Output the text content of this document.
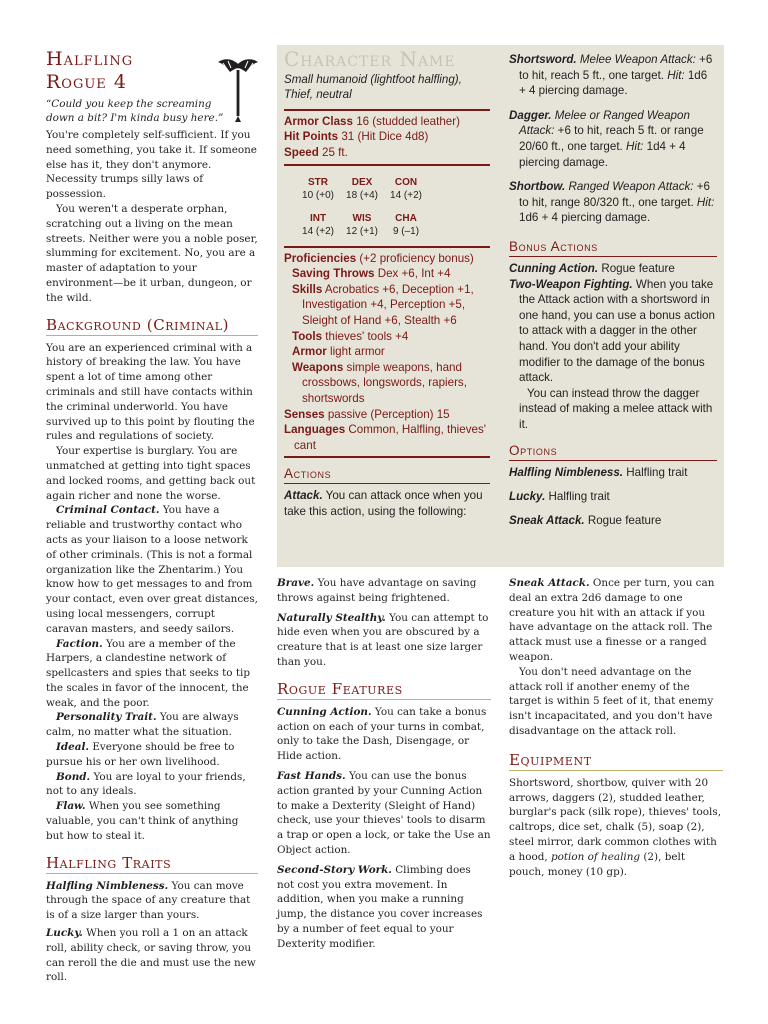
Halfling
Rogue 4
“Could you keep the screaming
down a bit? I'm kinda busy here.”

You're completely self-sufficient. If you need something, you take it. If someone else has it, they don't anymore. Necessity trumps silly laws of possession.

You weren't a desperate orphan, scratching out a living on the mean streets. Neither were you a noble poser, slumming for excitement. No, you are a master of adaptation to your environment—be it urban, dungeon, or the wild.

Background (Criminal)

You are an experienced criminal with a history of breaking the law. You have spent a lot of time among other criminals and still have contacts within the criminal underworld. You have survived up to this point by flouting the rules and regulations of society.

Your expertise is burglary. You are unmatched at getting into tight spaces and locked rooms, and getting back out again richer and none the worse.

Criminal Contact. You have a reliable and trustworthy contact who acts as your liaison to a loose network of other criminals. (This is not a formal organization like the Zhentarim.) You know how to get messages to and from your contact, even over great distances, using local messengers, corrupt caravan masters, and seedy sailors.

Faction. You are a member of the Harpers, a clandestine network of spellcasters and spies that seeks to tip the scales in favor of the innocent, the weak, and the poor.

Personality Trait. You are always calm, no matter what the situation.

Ideal. Everyone should be free to pursue his or her own livelihood.

Bond. You are loyal to your friends, not to any ideals.

Flaw. When you see something valuable, you can't think of anything but how to steal it.

Halfling Traits

Halfling Nimbleness. You can move through the space of any creature that is of a size larger than yours.

Lucky. When you roll a 1 on an attack roll, ability check, or saving throw, you can reroll the die and must use the new roll.

Character Name
Small humanoid (lightfoot halfling), Thief, neutral
Armor Class 16 (studded leather)
Hit Points 31 (Hit Dice 4d8)
Speed 25 ft.
STR
10 (+0)
DEX
18 (+4)
CON
14 (+2)
INT
14 (+2)
WIS
12 (+1)
CHA
9 (–1)
Proficiencies (+2 proficiency bonus)
Saving Throws Dex +6, Int +4
Skills Acrobatics +6, Deception +1, Investigation +4, Perception +5, Sleight of Hand +6, Stealth +6
Tools thieves' tools +4
Armor light armor
Weapons simple weapons, hand crossbows, longswords, rapiers, shortswords
Senses passive (Perception) 15
Languages Common, Halfling, thieves' cant
Actions
Attack. You can attack once when you take this action, using the following:
Shortsword. Melee Weapon Attack: +6 to hit, reach 5 ft., one target. Hit: 1d6 + 4 piercing damage.
Dagger. Melee or Ranged Weapon Attack: +6 to hit, reach 5 ft. or range 20/60 ft., one target. Hit: 1d4 + 4 piercing damage.
Shortbow. Ranged Weapon Attack: +6 to hit, range 80/320 ft., one target. Hit: 1d6 + 4 piercing damage.
Bonus Actions
Cunning Action. Rogue feature
Two-Weapon Fighting. When you take the Attack action with a shortsword in one hand, you can use a bonus action to attack with a dagger in the other hand. You don't add your ability modifier to the damage of the bonus attack.
You can instead throw the dagger instead of making a melee attack with it.
Options
Halfling Nimbleness. Halfling trait
Lucky. Halfling trait
Sneak Attack. Rogue feature

Brave. You have advantage on saving throws against being frightened.

Naturally Stealthy. You can attempt to hide even when you are obscured by a creature that is at least one size larger than you.

Rogue Features

Cunning Action. You can take a bonus action on each of your turns in combat, only to take the Dash, Disengage, or Hide action.

Fast Hands. You can use the bonus action granted by your Cunning Action to make a Dexterity (Sleight of Hand) check, use your thieves' tools to disarm a trap or open a lock, or take the Use an Object action.

Second-Story Work. Climbing does not cost you extra movement. In addition, when you make a running jump, the distance you cover increases by a number of feet equal to your Dexterity modifier.

Sneak Attack. Once per turn, you can deal an extra 2d6 damage to one creature you hit with an attack if you have advantage on the attack roll. The attack must use a finesse or a ranged weapon.

You don't need advantage on the attack roll if another enemy of the target is within 5 feet of it, that enemy isn't incapacitated, and you don't have disadvantage on the attack roll.

Equipment

Shortsword, shortbow, quiver with 20 arrows, daggers (2), studded leather, burglar's pack (silk rope), thieves' tools, caltrops, dice set, chalk (5), soap (2), steel mirror, dark common clothes with a hood, potion of healing (2), belt pouch, money (10 gp).
